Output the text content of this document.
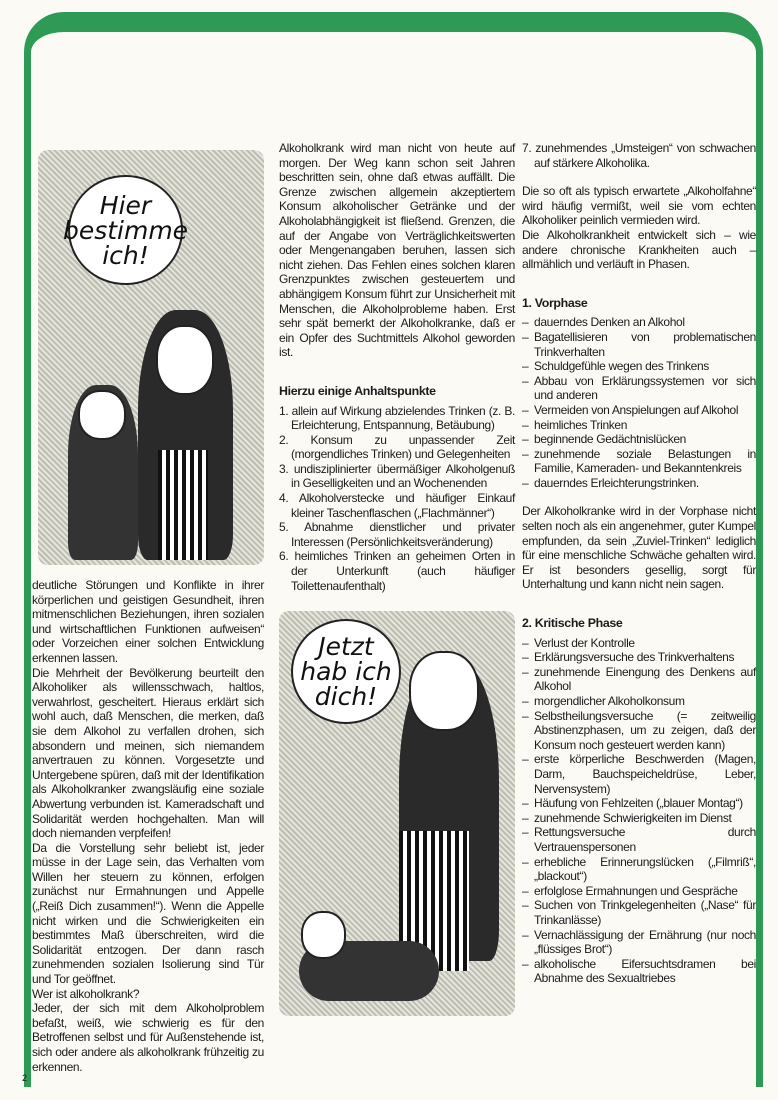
Hier bestimme ich!

deutliche Störungen und Konflikte in ihrer körperlichen und geistigen Gesundheit, ihren mitmenschlichen Beziehungen, ihren sozialen und wirtschaftlichen Funktionen aufweisen“ oder Vorzeichen einer solchen Entwicklung erkennen lassen.

Die Mehrheit der Bevölkerung beurteilt den Alkoholiker als willensschwach, haltlos, verwahrlost, gescheitert. Hieraus erklärt sich wohl auch, daß Menschen, die merken, daß sie dem Alkohol zu verfallen drohen, sich absondern und meinen, sich niemandem anvertrauen zu können. Vorgesetzte und Untergebene spüren, daß mit der Identifikation als Alkoholkranker zwangsläufig eine soziale Abwertung verbunden ist. Kameradschaft und Solidarität werden hochgehalten. Man will doch niemanden verpfeifen!

Da die Vorstellung sehr beliebt ist, jeder müsse in der Lage sein, das Verhalten vom Willen her steuern zu können, erfolgen zunächst nur Ermahnungen und Appelle („Reiß Dich zusammen!“). Wenn die Appelle nicht wirken und die Schwierigkeiten ein bestimmtes Maß überschreiten, wird die Solidarität entzogen. Der dann rasch zunehmenden sozialen Isolierung sind Tür und Tor geöffnet.

Wer ist alkoholkrank?

Jeder, der sich mit dem Alkoholproblem befaßt, weiß, wie schwierig es für den Betroffenen selbst und für Außenstehende ist, sich oder andere als alkoholkrank frühzeitig zu erkennen.

Alkoholkrank wird man nicht von heute auf morgen. Der Weg kann schon seit Jahren beschritten sein, ohne daß etwas auffällt. Die Grenze zwischen allgemein akzeptiertem Konsum alkoholischer Getränke und der Alkoholabhängigkeit ist fließend. Grenzen, die auf der Angabe von Verträglichkeitswerten oder Mengenangaben beruhen, lassen sich nicht ziehen. Das Fehlen eines solchen klaren Grenzpunktes zwischen gesteuertem und abhängigem Konsum führt zur Unsicherheit mit Menschen, die Alkoholprobleme haben. Erst sehr spät bemerkt der Alkoholkranke, daß er ein Opfer des Suchtmittels Alkohol geworden ist.

Hierzu einige Anhaltspunkte
1. allein auf Wirkung abzielendes Trinken (z. B. Erleichterung, Entspannung, Betäubung)
2. Konsum zu unpassender Zeit (morgendliches Trinken) und Gelegenheiten
3. undisziplinierter übermäßiger Alkoholgenuß in Geselligkeiten und an Wochenenden
4. Alkoholverstecke und häufiger Einkauf kleiner Taschenflaschen („Flachmänner“)
5. Abnahme dienstlicher und privater Interessen (Persönlichkeitsveränderung)
6. heimliches Trinken an geheimen Orten in der Unterkunft (auch häufiger Toilettenaufenthalt)
Jetzt hab ich dich!
7. zunehmendes „Umsteigen“ von schwachen auf stärkere Alkoholika.

Die so oft als typisch erwartete „Alkoholfahne“ wird häufig vermißt, weil sie vom echten Alkoholiker peinlich vermieden wird.

Die Alkoholkrankheit entwickelt sich – wie andere chronische Krankheiten auch – allmählich und verläuft in Phasen.

1. Vorphase
– dauerndes Denken an Alkohol
– Bagatellisieren von problematischen Trinkverhalten
– Schuldgefühle wegen des Trinkens
– Abbau von Erklärungssystemen vor sich und anderen
– Vermeiden von Anspielungen auf Alkohol
– heimliches Trinken
– beginnende Gedächtnislücken
– zunehmende soziale Belastungen in Familie, Kameraden- und Bekanntenkreis
– dauerndes Erleichterungstrinken.

Der Alkoholkranke wird in der Vorphase nicht selten noch als ein angenehmer, guter Kumpel empfunden, da sein „Zuviel-Trinken“ lediglich für eine menschliche Schwäche gehalten wird. Er ist besonders gesellig, sorgt für Unterhaltung und kann nicht nein sagen.

2. Kritische Phase
– Verlust der Kontrolle
– Erklärungsversuche des Trinkverhaltens
– zunehmende Einengung des Denkens auf Alkohol
– morgendlicher Alkoholkonsum
– Selbstheilungsversuche (= zeitweilig Abstinenzphasen, um zu zeigen, daß der Konsum noch gesteuert werden kann)
– erste körperliche Beschwerden (Magen, Darm, Bauchspeicheldrüse, Leber, Nervensystem)
– Häufung von Fehlzeiten („blauer Montag“)
– zunehmende Schwierigkeiten im Dienst
– Rettungsversuche durch Vertrauenspersonen
– erhebliche Erinnerungslücken („Filmriß“, „blackout“)
– erfolglose Ermahnungen und Gespräche
– Suchen von Trinkgelegenheiten („Nase“ für Trinkanlässe)
– Vernachlässigung der Ernährung (nur noch „flüssiges Brot“)
– alkoholische Eifersuchtsdramen bei Abnahme des Sexualtriebes
2
